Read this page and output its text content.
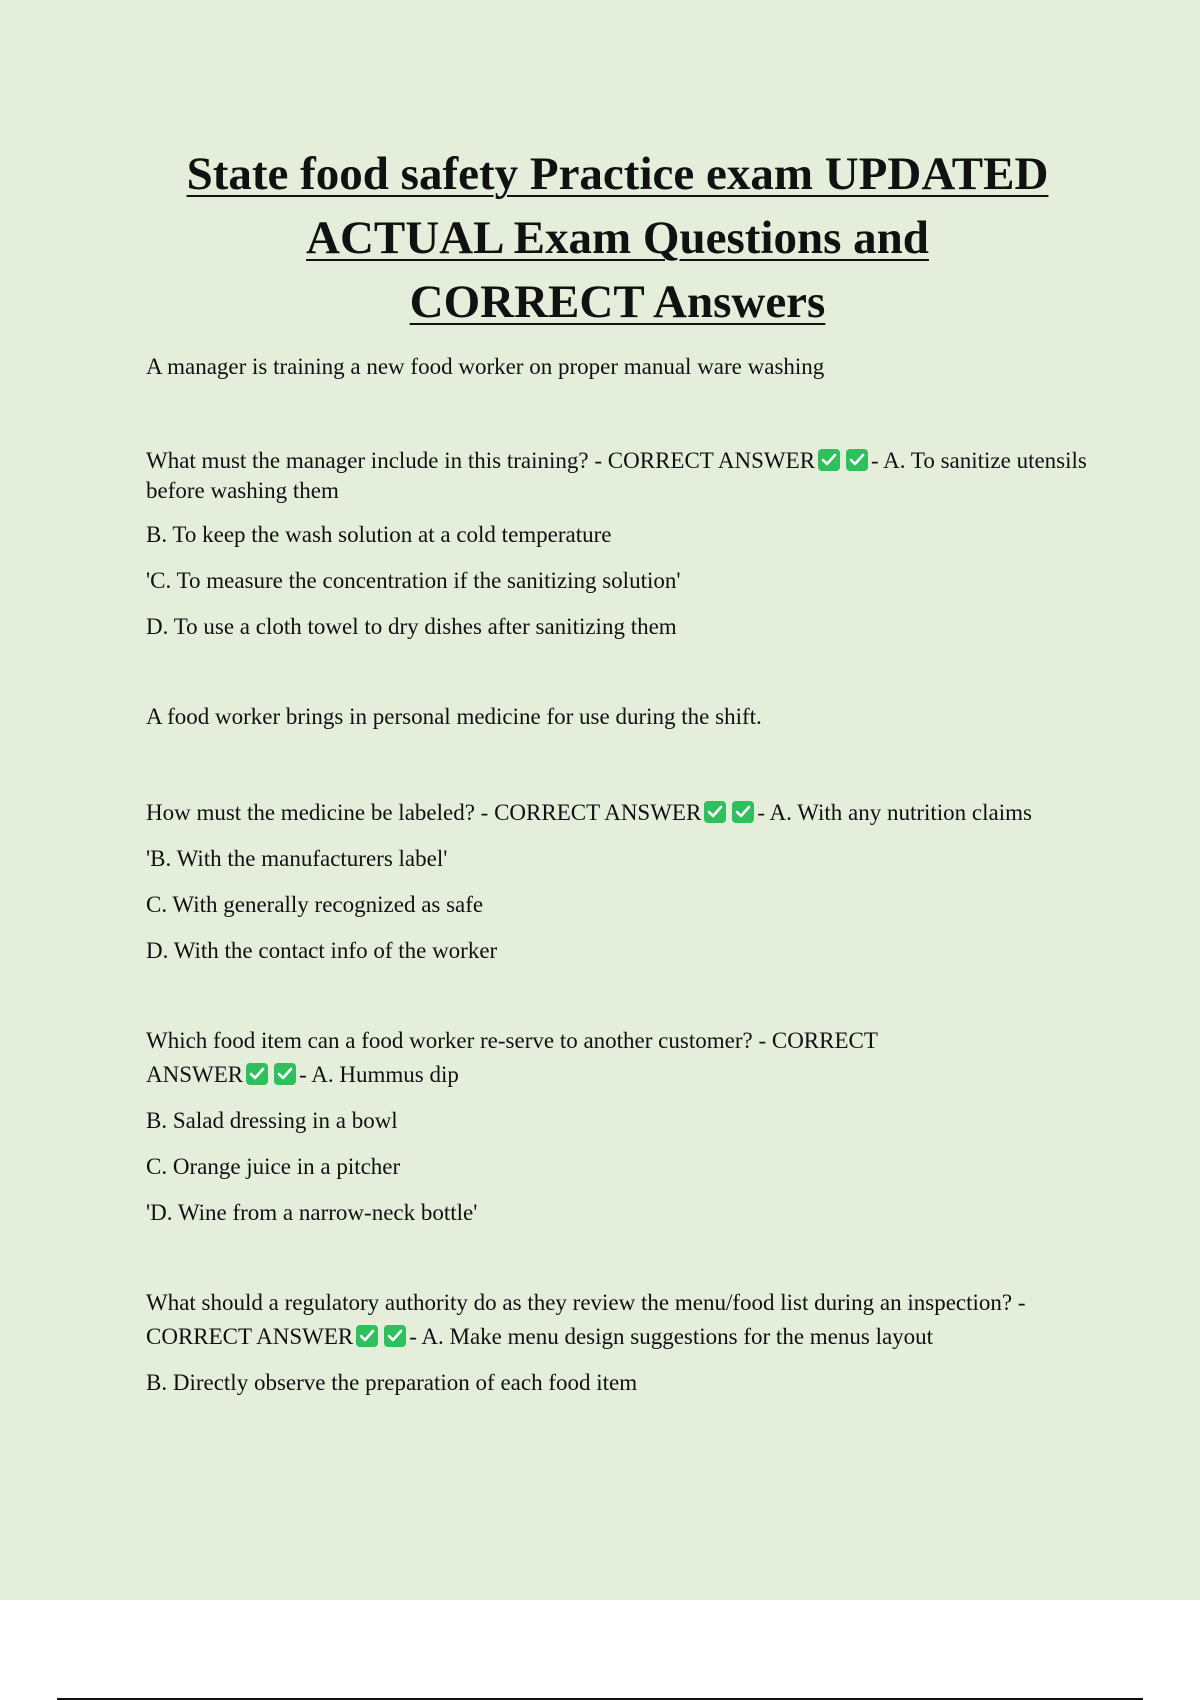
State food safety Practice exam UPDATED
ACTUAL Exam Questions and
CORRECT Answers

A manager is training a new food worker on proper manual ware washing

What must the manager include in this training? - CORRECT ANSWER - A. To sanitize utensils before washing them

B. To keep the wash solution at a cold temperature

'C. To measure the concentration if the sanitizing solution'

D. To use a cloth towel to dry dishes after sanitizing them

A food worker brings in personal medicine for use during the shift.

How must the medicine be labeled? - CORRECT ANSWER - A. With any nutrition claims

'B. With the manufacturers label'

C. With generally recognized as safe

D. With the contact info of the worker

Which food item can a food worker re-serve to another customer? - CORRECT ANSWER - A. Hummus dip

B. Salad dressing in a bowl

C. Orange juice in a pitcher

'D. Wine from a narrow-neck bottle'

What should a regulatory authority do as they review the menu/food list during an inspection? - CORRECT ANSWER - A. Make menu design suggestions for the menus layout

B. Directly observe the preparation of each food item
